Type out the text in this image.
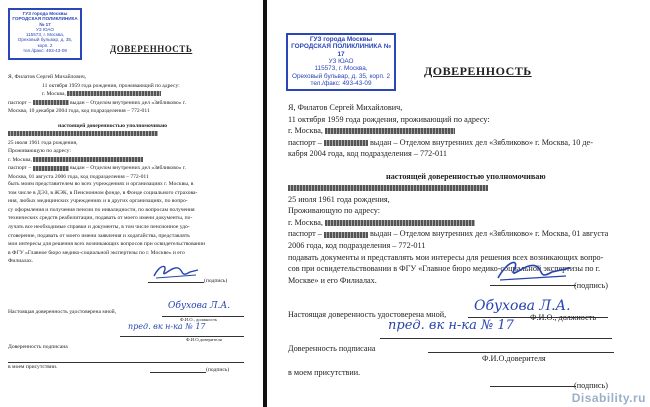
ГУЗ города Москвы
ГОРОДСКАЯ ПОЛИКЛИНИКА № 17
УЗ ЮАО
115573, г. Москва,
Ореховый бульвар, д. 35, корп. 2
тел./факс: 493-43-09	ДОВЕРЕННОСТЬ
Я, Филатов Сергей Михайлович,
11 октября 1959 года рождения, проживающий по адресу:
г. Москва,
паспорт –	выдан – Отделом внутренних дел «Зябликово» г.
Москва, 10 декабря 2004 года, код подразделения – 772-011
настоящей доверенностью уполномочиваю
25 июля 1961 года рождения,
Проживающую по адресу:
г. Москва,
паспорт –	выдан – Отделом внутренних дел «Зябликово» г.
Москва, 01 августа 2006 года, код подразделения – 772-011
быть моим представителем во всех учреждениях и организациях г. Москвы, в
том числе в ДЭЗ, в ЖЭК, в Пенсионном фонде, в Фонде социального страхова-
ния, любых медицинских учреждениях и в других организациях, по вопро-
су оформления и получения пенсии по инвалидности, по вопросам получения
технических средств реабилитации, подавать от моего имени документы, по-
лучать все необходимые справки и документы, в том числе пенсионное удо-
стоверение, подавать от моего имени заявления и ходатайства, представлять
мои интересы для решения всех возникающих вопросов при освидетельствовании
в ФГУ «Главное бюро медико-социальной экспертизы по г. Москве» и его
Филиалах.
(подпись)
Настоящая доверенность удостоверена мной,
Обухова Л.А.
Ф.И.О., должность
пред. вк н-ка № 17
Ф.И.О.доверителя
Доверенность подписана
в моем присутствии.	(подпись)
ГУЗ города Москвы
ГОРОДСКАЯ ПОЛИКЛИНИКА № 17
УЗ ЮАО
115573, г. Москва,
Ореховый бульвар, д. 35, корп. 2
тел./факс: 493-43-09
ДОВЕРЕННОСТЬ
Я, Филатов Сергей Михайлович,
11 октября 1959 года рождения, проживающий по адресу:
г. Москва,
паспорт –	выдан – Отделом внутренних дел «Зябликово» г. Москва, 10 де-
кабря 2004 года, код подразделения – 772-011
настоящей доверенностью уполномочиваю
25 июля 1961 года рождения,
Проживающую по адресу:
г. Москва,
паспорт –	выдан – Отделом внутренних дел «Зябликово» г. Москва, 01 августа
2006 года, код подразделения – 772-011
подавать документы и представлять мои интересы для решения всех возникающих вопро-
сов при освидетельствовании в ФГУ «Главное бюро медико-социальной экспертизы по г.
Москве» и его Филиалах.
(подпись)
Настоящая доверенность удостоверена мной,
Обухова Л.А.
Ф.И.О., должность
пред. вк н-ка № 17
Доверенность подписана
Ф.И.О.доверителя
в моем присутствии.
(подпись)
Disability.ru
